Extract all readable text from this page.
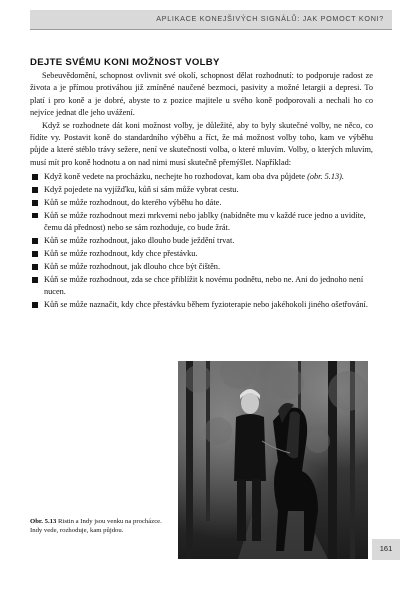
APLIKACE KONEJŠIVÝCH SIGNÁLŮ: JAK POMOCT KONI?
DEJTE SVÉMU KONI MOŽNOST VOLBY

Sebeuvědomění, schopnost ovlivnit své okolí, schopnost dělat rozhodnutí: to podporuje radost ze života a je přímou protiváhou již zmíněné naučené bezmoci, pasivity a možné letargii a depresi. To platí i pro koně a je dobré, abyste to z pozice majitele u svého koně podporovali a nechali ho co nejvíce jednat dle jeho uvážení.

Když se rozhodnete dát koni možnost volby, je důležité, aby to byly skutečné volby, ne něco, co řídíte vy. Postavit koně do standardního výběhu a říct, že má možnost volby toho, kam ve výběhu půjde a které stéblo trávy sežere, není ve skutečnosti volba, o které mluvím. Volby, o kterých mluvím, musí mít pro koně hodnotu a on nad nimi musí skutečně přemýšlet. Například:

Když koně vedete na procházku, nechejte ho rozhodovat, kam oba dva půjdete (obr. 5.13).
Když pojedete na vyjížďku, kůň si sám může vybrat cestu.
Kůň se může rozhodnout, do kterého výběhu ho dáte.
Kůň se může rozhodnout mezi mrkvemi nebo jablky (nabídněte mu v každé ruce jedno a uvidíte, čemu dá přednost) nebo se sám rozhoduje, co bude žrát.
Kůň se může rozhodnout, jako dlouho bude ježdění trvat.
Kůň se může rozhodnout, kdy chce přestávku.
Kůň se může rozhodnout, jak dlouho chce být čištěn.
Kůň se může rozhodnout, zda se chce přiblížit k novému podnětu, nebo ne. Ani do jednoho není nucen.
Kůň se může naznačit, kdy chce přestávku během fyzioterapie nebo jakéhokoli jiného ošetřování.

Obr. 5.13 Ristin a Indy jsou venku na procházce. Indy vede, rozhoduje, kam půjdou.

161
